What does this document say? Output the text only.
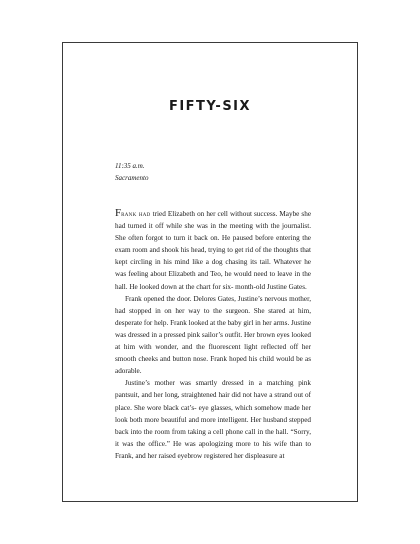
FIFTY-SIX
11:35 a.m.
Sacramento

Frank had tried Elizabeth on her cell without success. Maybe she had turned it off while she was in the meeting with the journalist. She often forgot to turn it back on. He paused before entering the exam room and shook his head, trying to get rid of the thoughts that kept circling in his mind like a dog chasing its tail. Whatever he was feeling about Elizabeth and Teo, he would need to leave in the hall. He looked down at the chart for six- month-old Justine Gates.

Frank opened the door. Delores Gates, Justine’s nervous mother, had stopped in on her way to the surgeon. She stared at him, desperate for help. Frank looked at the baby girl in her arms. Justine was dressed in a pressed pink sailor’s outfit. Her brown eyes looked at him with wonder, and the fluorescent light reflected off her smooth cheeks and button nose. Frank hoped his child would be as adorable.

Justine’s mother was smartly dressed in a matching pink pantsuit, and her long, straightened hair did not have a strand out of place. She wore black cat’s- eye glasses, which somehow made her look both more beautiful and more intelligent. Her husband stepped back into the room from taking a cell phone call in the hall. “Sorry, it was the office.” He was apologizing more to his wife than to Frank, and her raised eyebrow registered her displeasure at
